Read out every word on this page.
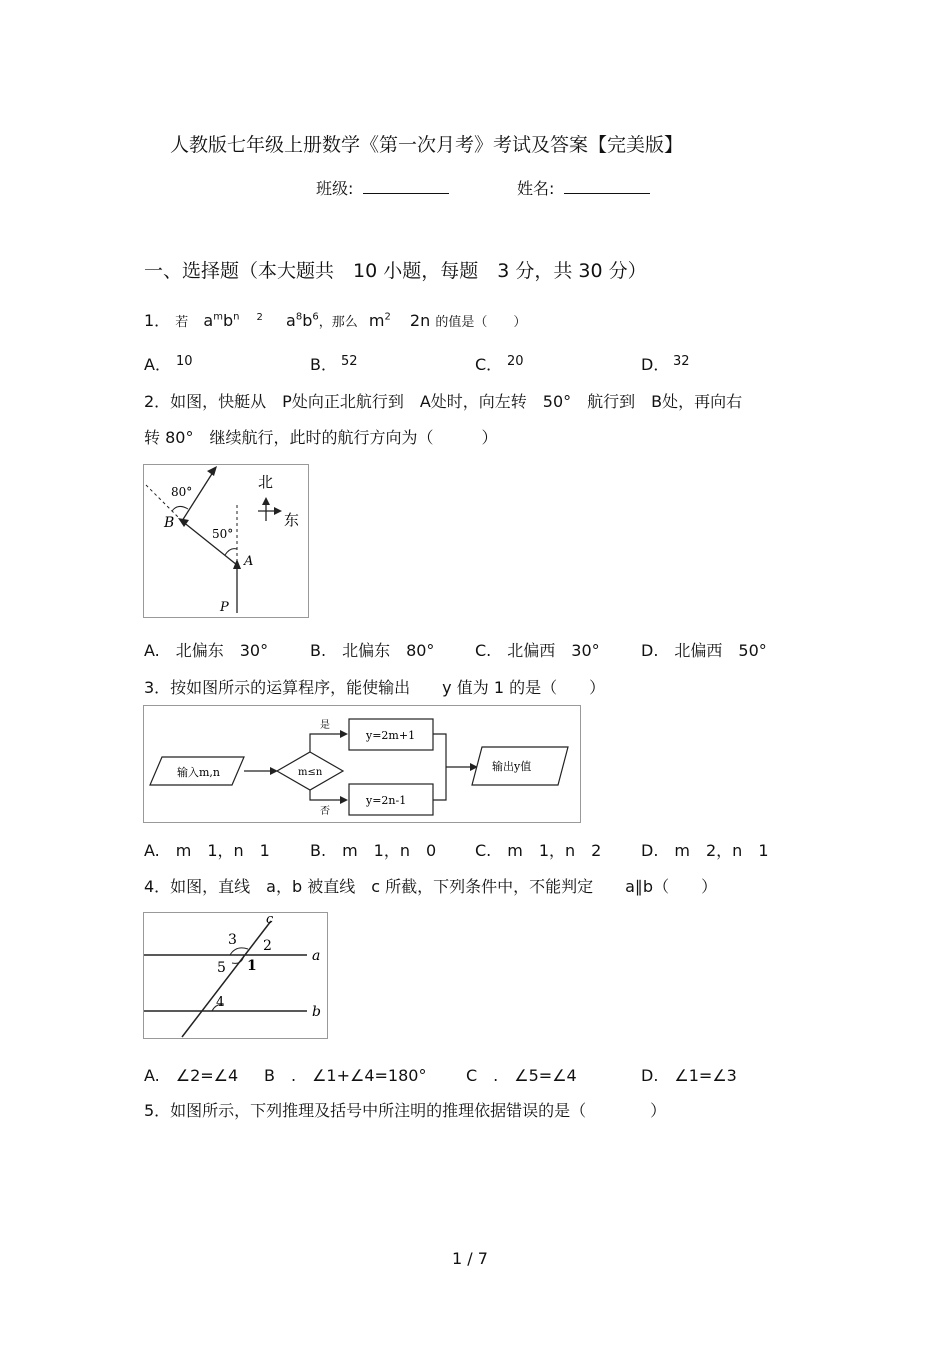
人教版七年级上册数学《第一次月考》考试及答案【完美版】
班级:	姓名:
一、选择题（本大题共　10 小题，每题　3 分，共 30 分）
1． 若 $a^mb^n$ $^2$ $a^8b^6$，那么 $m^2$ 2n 的值是（　　）
A． 10	B． 52	C． 20	D． 32
2．如图，快艇从　P处向正北航行到　A处时，向左转　50°　航行到　B处，再向右
转 80°　继续航行，此时的航行方向为（　　　）
80°
50°
B
A
P
北
东
A.　北偏东　30°	B.　北偏东　80°	C.　北偏西　30°	D.　北偏西　50°
3．按如图所示的运算程序，能使输出　　y 值为 1 的是（　　）
输入m,n	m≤n
是
否
y=2m+1
y=2n-1
输出y值
A.　m　1，n　1	B.　m　1，n　0 C.　m　1，n　2 D.　m　2，n　1
4．如图，直线　a，b 被直线　c 所截，下列条件中，不能判定　　a∥b（　　）
c
a
b
1
2
3
4
5
A.　∠2=∠4 B　.　∠1+∠4=180° C　.　∠5=∠4	D.　∠1=∠3
5．如图所示，下列推理及括号中所注明的推理依据错误的是（　　　　）
1 / 7
